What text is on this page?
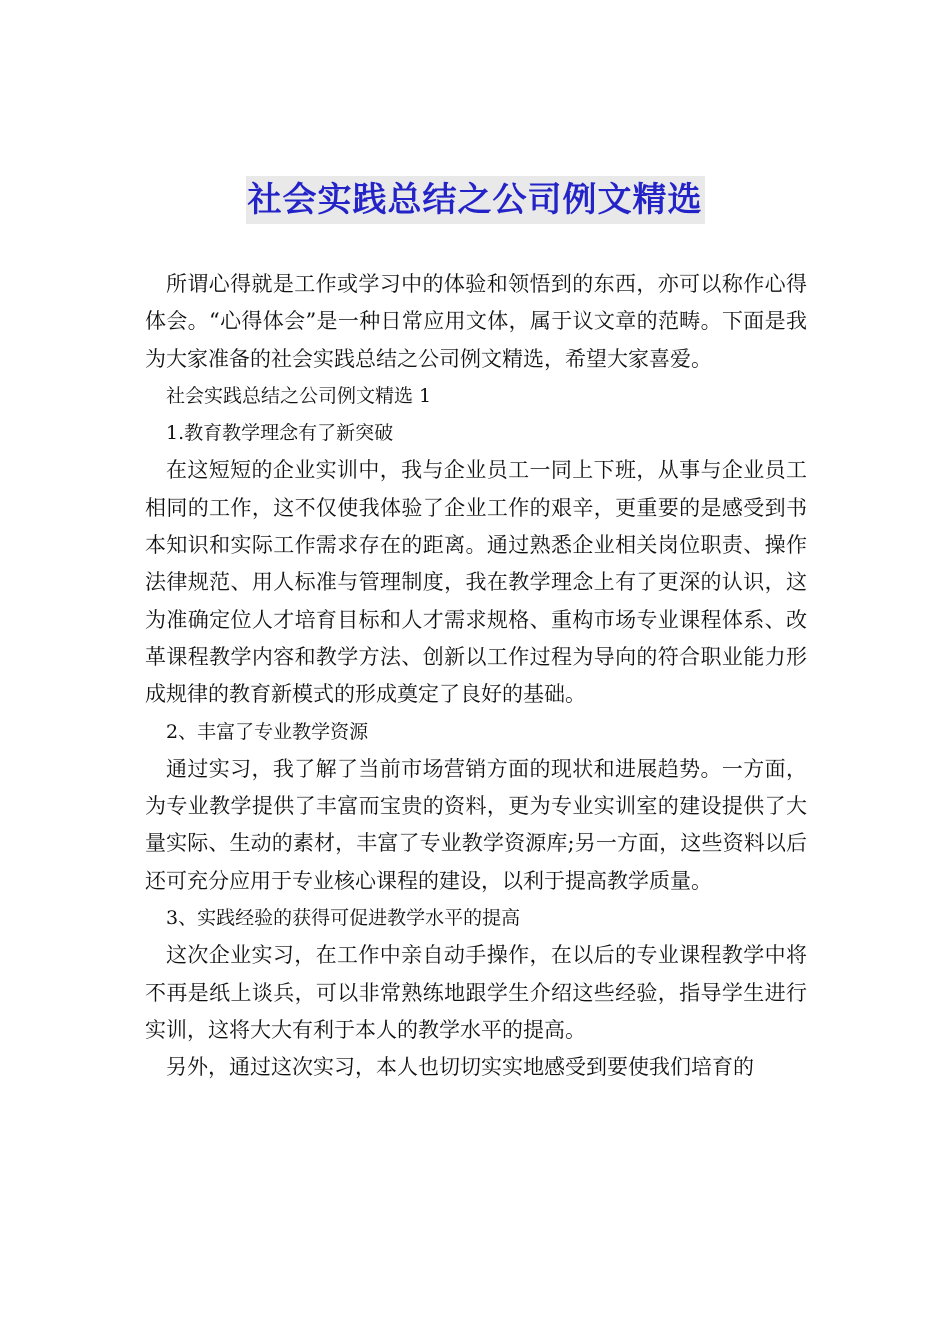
社会实践总结之公司例文精选

所谓心得就是工作或学习中的体验和领悟到的东西，亦可以称作心得体会。“心得体会”是一种日常应用文体，属于议文章的范畴。下面是我为大家准备的社会实践总结之公司例文精选，希望大家喜爱。

社会实践总结之公司例文精选 1

1.教育教学理念有了新突破

在这短短的企业实训中，我与企业员工一同上下班，从事与企业员工相同的工作，这不仅使我体验了企业工作的艰辛，更重要的是感受到书本知识和实际工作需求存在的距离。通过熟悉企业相关岗位职责、操作法律规范、用人标准与管理制度，我在教学理念上有了更深的认识，这为准确定位人才培育目标和人才需求规格、重构市场专业课程体系、改革课程教学内容和教学方法、创新以工作过程为导向的符合职业能力形成规律的教育新模式的形成奠定了良好的基础。

2、丰富了专业教学资源

通过实习，我了解了当前市场营销方面的现状和进展趋势。一方面，为专业教学提供了丰富而宝贵的资料，更为专业实训室的建设提供了大量实际、生动的素材，丰富了专业教学资源库;另一方面，这些资料以后还可充分应用于专业核心课程的建设，以利于提高教学质量。

3、实践经验的获得可促进教学水平的提高

这次企业实习，在工作中亲自动手操作，在以后的专业课程教学中将不再是纸上谈兵，可以非常熟练地跟学生介绍这些经验，指导学生进行实训，这将大大有利于本人的教学水平的提高。

另外，通过这次实习，本人也切切实实地感受到要使我们培育的
